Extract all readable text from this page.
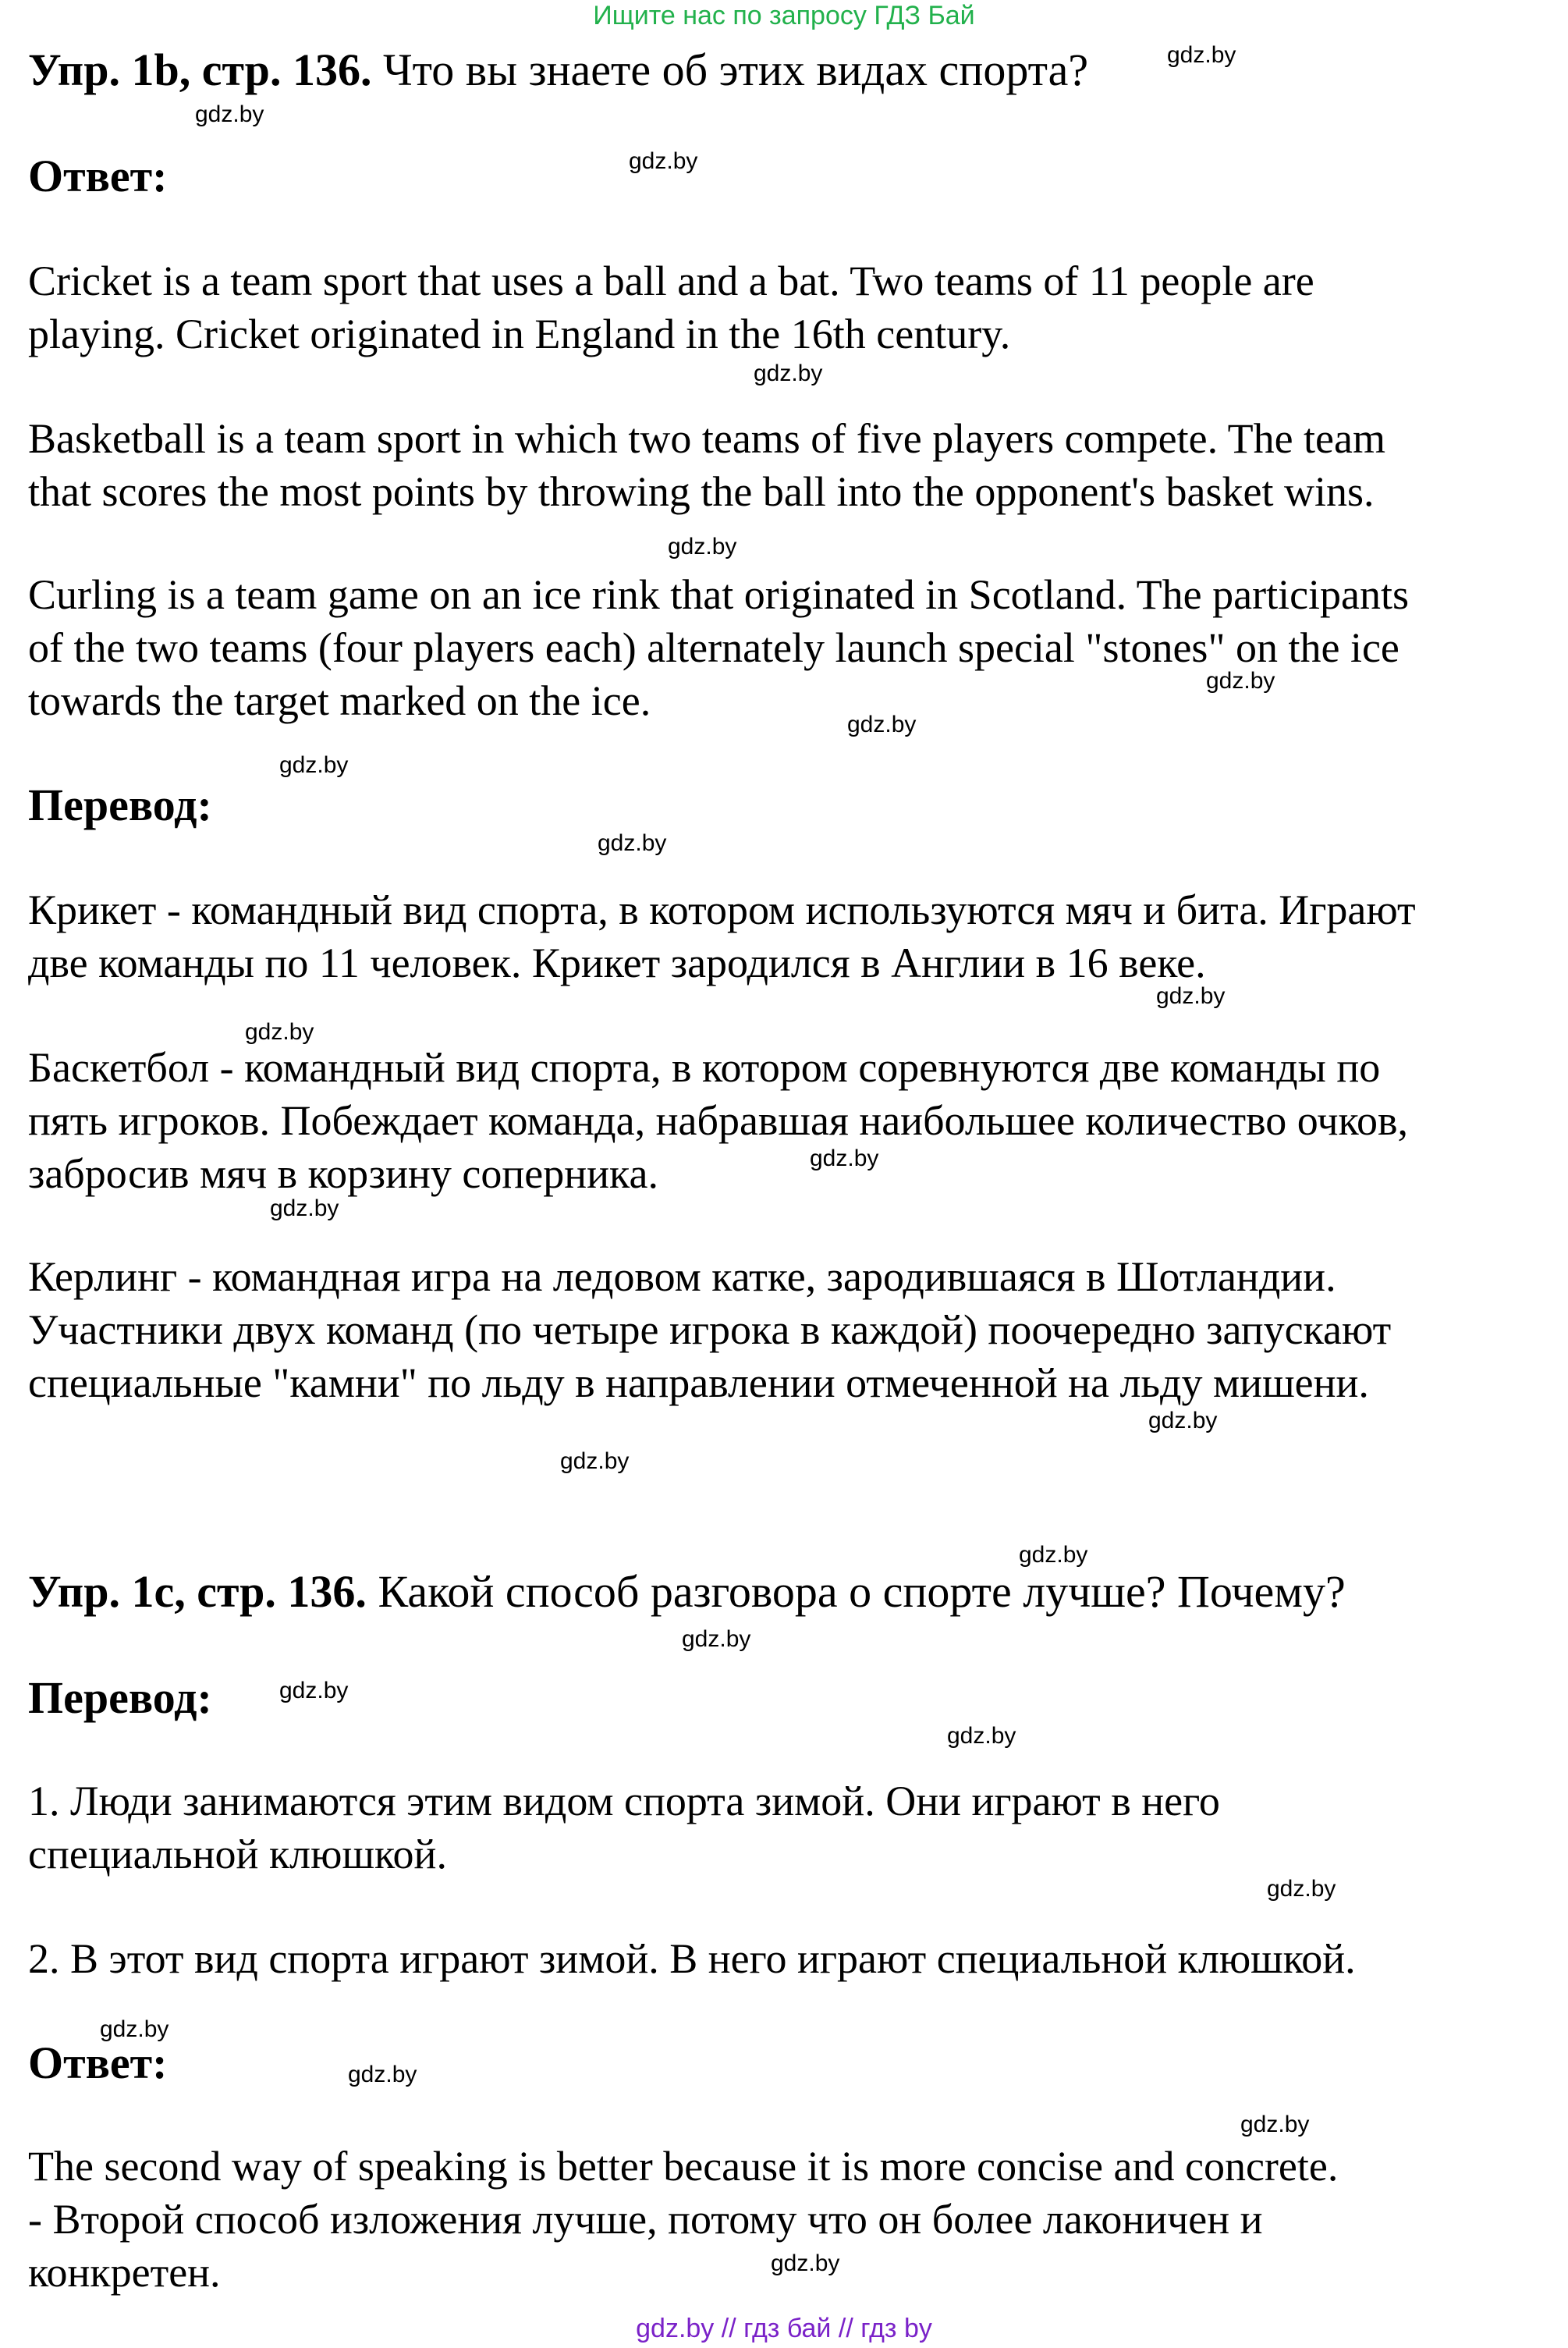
Ищите нас по запросу ГДЗ Бай
Упр. 1b, стр. 136. Что вы знаете об этих видах спорта?
Ответ:
Cricket is a team sport that uses a ball and a bat. Two teams of 11 people are
playing. Cricket originated in England in the 16th century.
Basketball is a team sport in which two teams of five players compete. The team
that scores the most points by throwing the ball into the opponent's basket wins.
Curling is a team game on an ice rink that originated in Scotland. The participants
of the two teams (four players each) alternately launch special "stones" on the ice
towards the target marked on the ice.
Перевод:
Крикет - командный вид спорта, в котором используются мяч и бита. Играют
две команды по 11 человек. Крикет зародился в Англии в 16 веке.
Баскетбол - командный вид спорта, в котором соревнуются две команды по
пять игроков. Побеждает команда, набравшая наибольшее количество очков,
забросив мяч в корзину соперника.
Керлинг - командная игра на ледовом катке, зародившаяся в Шотландии.
Участники двух команд (по четыре игрока в каждой) поочередно запускают
специальные "камни" по льду в направлении отмеченной на льду мишени.
Упр. 1c, стр. 136. Какой способ разговора о спорте лучше? Почему?
Перевод:
1. Люди занимаются этим видом спорта зимой. Они играют в него
специальной клюшкой.
2. В этот вид спорта играют зимой. В него играют специальной клюшкой.
Ответ:
The second way of speaking is better because it is more concise and concrete.
- Второй способ изложения лучше, потому что он более лаконичен и
конкретен.
gdz.by
gdz.by
gdz.by
gdz.by
gdz.by
gdz.by
gdz.by
gdz.by
gdz.by
gdz.by
gdz.by
gdz.by
gdz.by
gdz.by
gdz.by
gdz.by
gdz.by
gdz.by
gdz.by
gdz.by
gdz.by
gdz.by
gdz.by
gdz.by
gdz.by // гдз бай // гдз by
